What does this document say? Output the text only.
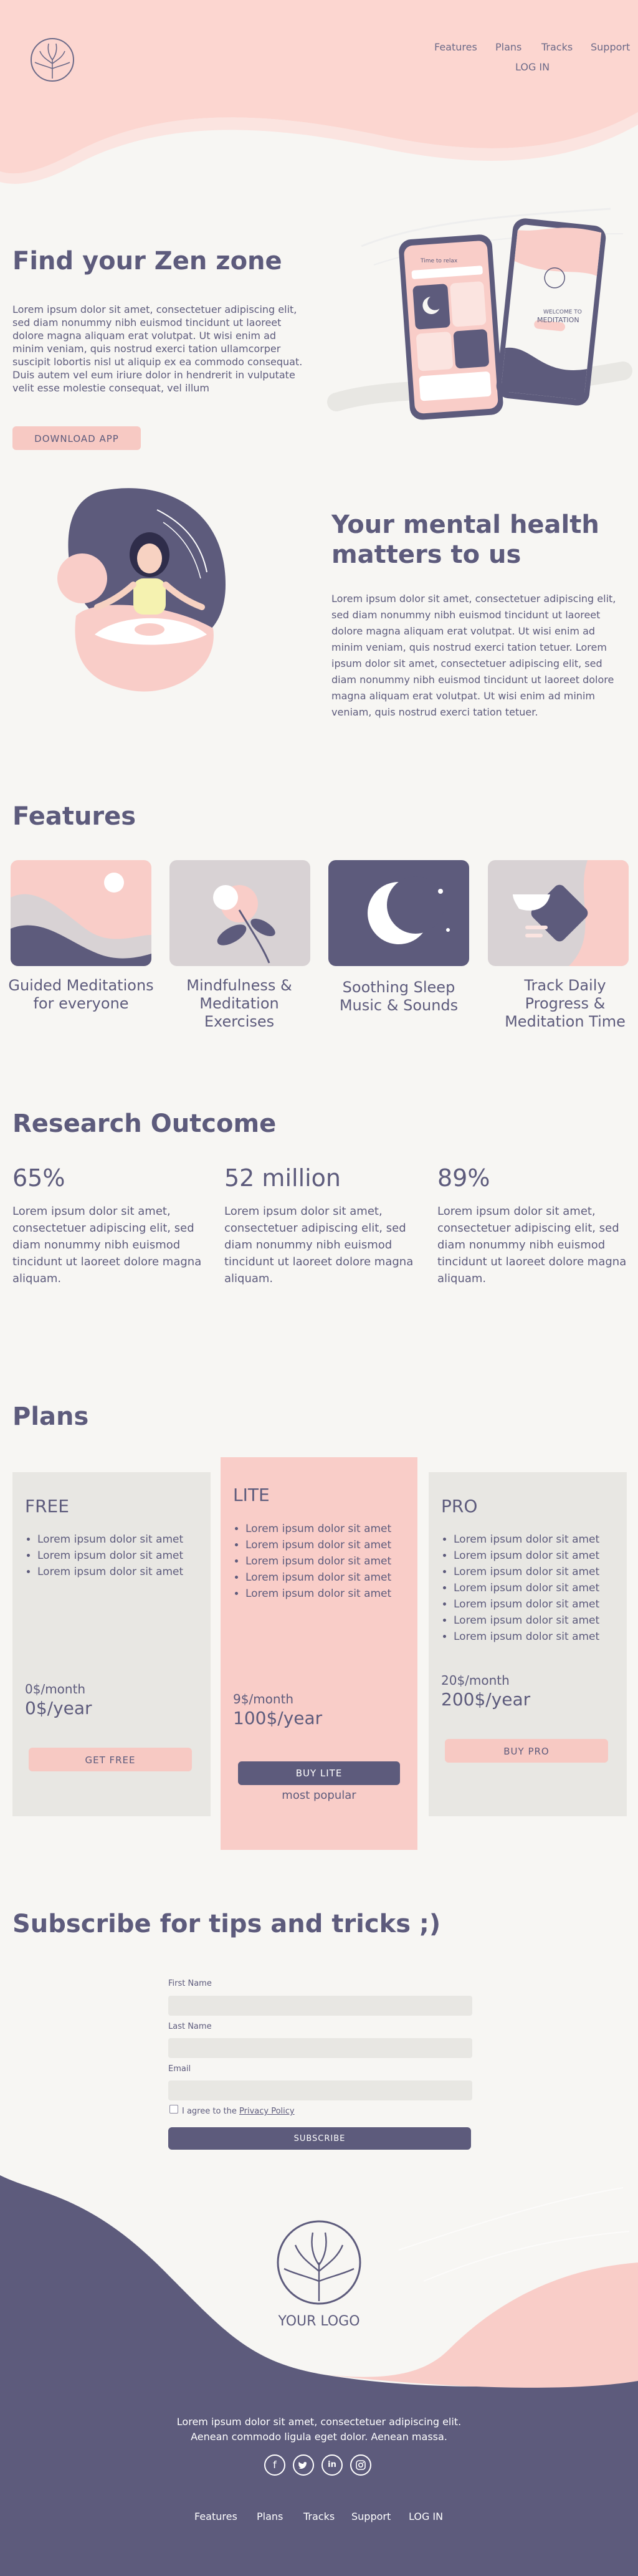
Features Plans Tracks Support
LOG IN
Find your Zen zone

Lorem ipsum dolor sit amet, consectetuer adipiscing elit, sed diam nonummy nibh euismod tincidunt ut laoreet dolore magna aliquam erat volutpat. Ut wisi enim ad minim veniam, quis nostrud exerci tation ullamcorper suscipit lobortis nisl ut aliquip ex ea commodo consequat. Duis autem vel eum iriure dolor in hendrerit in vulputate velit esse molestie consequat, vel illum

DOWNLOAD APP
Time to relax
WELCOME TO
MEDITATION
Your mental health matters to us

Lorem ipsum dolor sit amet, consectetuer adipiscing elit, sed diam nonummy nibh euismod tincidunt ut laoreet dolore magna aliquam erat volutpat. Ut wisi enim ad minim veniam, quis nostrud exerci tation tetuer. Lorem ipsum dolor sit amet, consectetuer adipiscing elit, sed diam nonummy nibh euismod tincidunt ut laoreet dolore magna aliquam erat volutpat. Ut wisi enim ad minim veniam, quis nostrud exerci tation tetuer.

Features
Guided Meditations for everyone
Mindfulness & Meditation Exercises
Soothing Sleep Music & Sounds
Track Daily Progress & Meditation Time
Research Outcome
65%	52 million	89%
Lorem ipsum dolor sit amet, consectetuer adipiscing elit, sed diam nonummy nibh euismod tincidunt ut laoreet dolore magna aliquam.
Lorem ipsum dolor sit amet, consectetuer adipiscing elit, sed diam nonummy nibh euismod tincidunt ut laoreet dolore magna aliquam.
Lorem ipsum dolor sit amet, consectetuer adipiscing elit, sed diam nonummy nibh euismod tincidunt ut laoreet dolore magna aliquam.
Plans
FREE
• Lorem ipsum dolor sit amet
• Lorem ipsum dolor sit amet
• Lorem ipsum dolor sit amet
0$/month
0$/year
GET FREE
LITE
• Lorem ipsum dolor sit amet
• Lorem ipsum dolor sit amet
• Lorem ipsum dolor sit amet
• Lorem ipsum dolor sit amet
• Lorem ipsum dolor sit amet
9$/month
100$/year
BUY LITE
most popular
PRO
• Lorem ipsum dolor sit amet
• Lorem ipsum dolor sit amet
• Lorem ipsum dolor sit amet
• Lorem ipsum dolor sit amet
• Lorem ipsum dolor sit amet
• Lorem ipsum dolor sit amet
• Lorem ipsum dolor sit amet
20$/month
200$/year
BUY PRO
Subscribe for tips and tricks ;)
First Name
Last Name
Email
I agree to the Privacy Policy
SUBSCRIBE
YOUR LOGO
Lorem ipsum dolor sit amet, consectetuer adipiscing elit.
Aenean commodo ligula eget dolor. Aenean massa.
f	in
Features Plans Tracks Support LOG IN
